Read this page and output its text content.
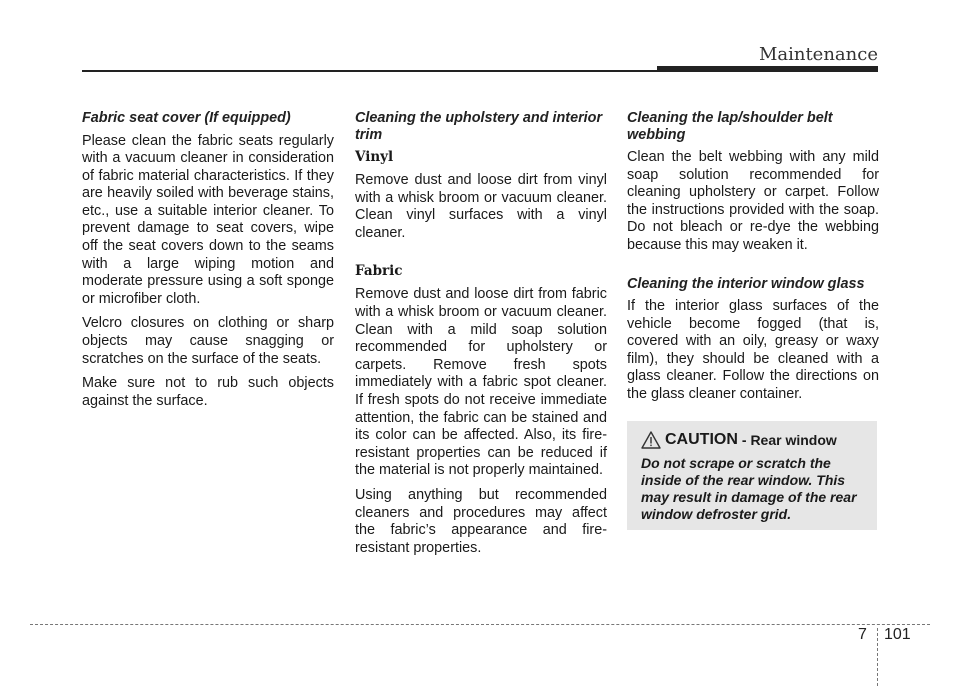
Maintenance
Fabric seat cover (If equipped)

Please clean the fabric seats regularly with a vacuum cleaner in consideration of fabric material characteristics. If they are heavily soiled with beverage stains, etc., use a suitable interior cleaner. To prevent damage to seat covers, wipe off the seat covers down to the seams with a large wiping motion and moderate pressure using a soft sponge or microfiber cloth.

Velcro closures on clothing or sharp objects may cause snagging or scratches on the surface of the seats.

Make sure not to rub such objects against the surface.

Cleaning the upholstery and interior trim
Vinyl

Remove dust and loose dirt from vinyl with a whisk broom or vacuum cleaner. Clean vinyl surfaces with a vinyl cleaner.

Fabric

Remove dust and loose dirt from fabric with a whisk broom or vacuum cleaner. Clean with a mild soap solution recommended for upholstery or carpets. Remove fresh spots immediately with a fabric spot cleaner. If fresh spots do not receive immediate attention, the fabric can be stained and its color can be affected. Also, its fire-resistant properties can be reduced if the material is not properly maintained.

Using anything but recommended cleaners and procedures may affect the fabric’s appearance and fire-resistant properties.

Cleaning the lap/shoulder belt webbing

Clean the belt webbing with any mild soap solution recommended for cleaning upholstery or carpet. Follow the instructions provided with the soap. Do not bleach or re-dye the webbing because this may weaken it.

Cleaning the interior window glass

If the interior glass surfaces of the vehicle become fogged (that is, covered with an oily, greasy or waxy film), they should be cleaned with a glass cleaner. Follow the directions on the glass cleaner container.

CAUTION - Rear window
Do not scrape or scratch the inside of the rear window. This may result in damage of the rear window defroster grid.
7 101
